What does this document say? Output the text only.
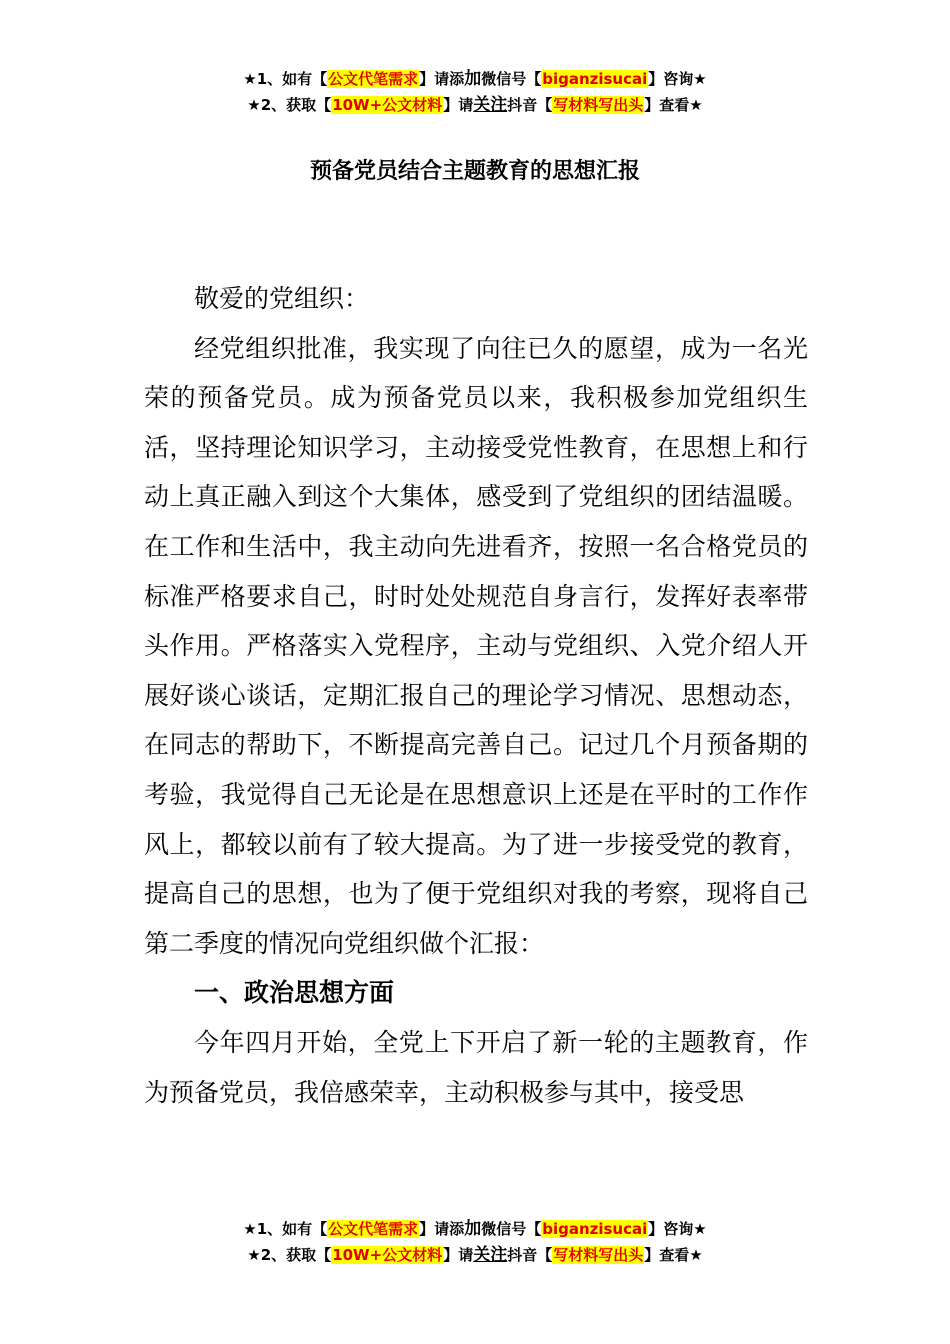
★1、如有【公文代笔需求】请添加微信号【biganzisucai】咨询★
★2、获取【10W+公文材料】请关注抖音【写材料写出头】查看★
预备党员结合主题教育的思想汇报

敬爱的党组织：

经党组织批准，我实现了向往已久的愿望，成为一名光荣的预备党员。成为预备党员以来，我积极参加党组织生活，坚持理论知识学习，主动接受党性教育，在思想上和行动上真正融入到这个大集体，感受到了党组织的团结温暖。在工作和生活中，我主动向先进看齐，按照一名合格党员的标准严格要求自己，时时处处规范自身言行，发挥好表率带头作用。严格落实入党程序，主动与党组织、入党介绍人开展好谈心谈话，定期汇报自己的理论学习情况、思想动态，在同志的帮助下，不断提高完善自己。记过几个月预备期的考验，我觉得自己无论是在思想意识上还是在平时的工作作风上，都较以前有了较大提高。为了进一步接受党的教育，提高自己的思想，也为了便于党组织对我的考察，现将自己第二季度的情况向党组织做个汇报：

一、政治思想方面

今年四月开始，全党上下开启了新一轮的主题教育，作为预备党员，我倍感荣幸，主动积极参与其中，接受思

★1、如有【公文代笔需求】请添加微信号【biganzisucai】咨询★
★2、获取【10W+公文材料】请关注抖音【写材料写出头】查看★
